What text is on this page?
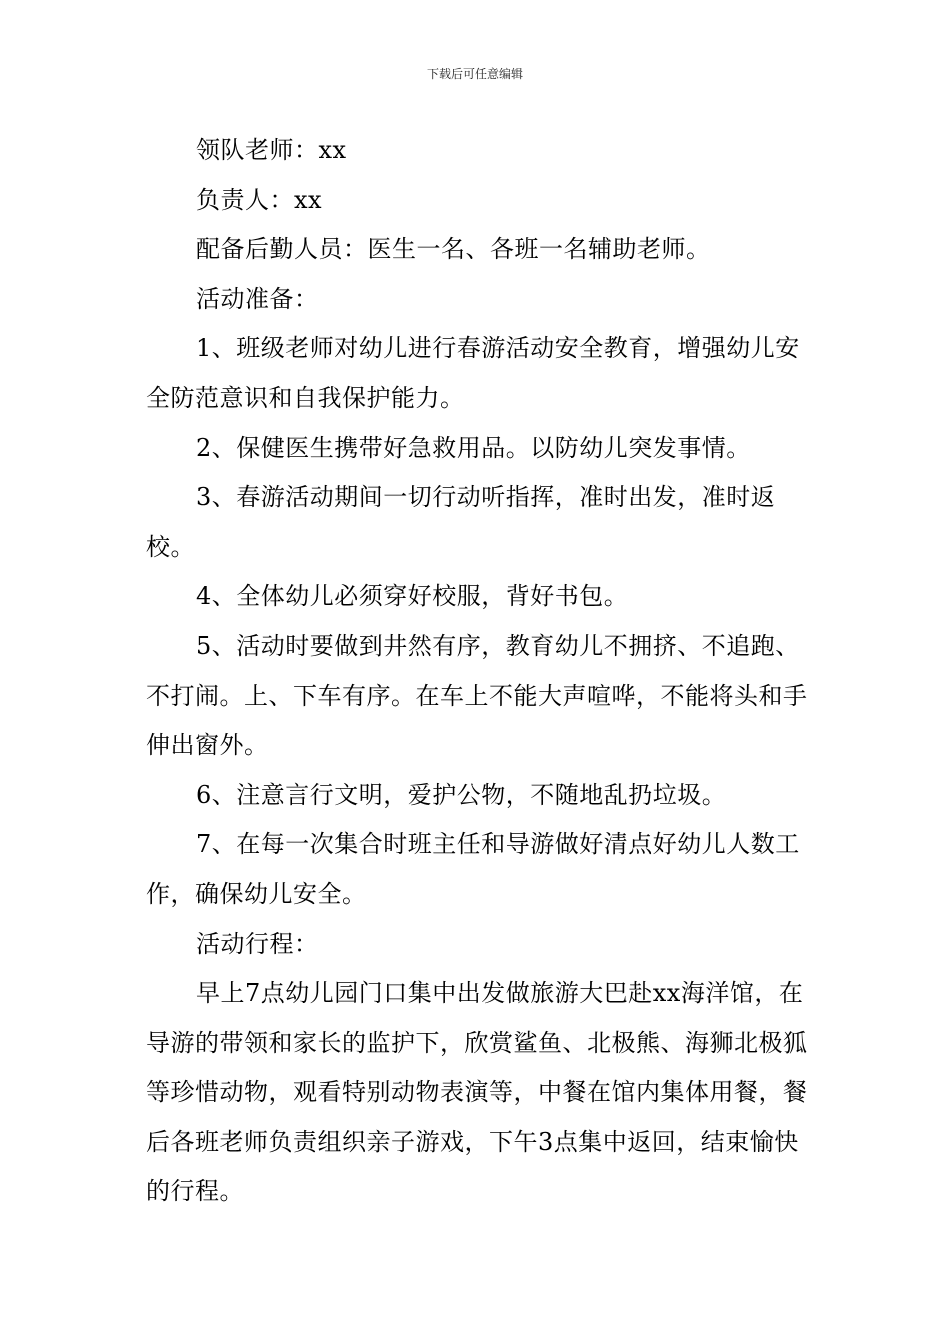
下载后可任意编辑

领队老师：xx

负责人：xx

配备后勤人员：医生一名、各班一名辅助老师。

活动准备：

1、班级老师对幼儿进行春游活动安全教育，增强幼儿安全防范意识和自我保护能力。

2、保健医生携带好急救用品。以防幼儿突发事情。

3、春游活动期间一切行动听指挥，准时出发，准时返校。

4、全体幼儿必须穿好校服，背好书包。

5、活动时要做到井然有序，教育幼儿不拥挤、不追跑、不打闹。上、下车有序。在车上不能大声喧哗，不能将头和手伸出窗外。

6、注意言行文明，爱护公物，不随地乱扔垃圾。

7、在每一次集合时班主任和导游做好清点好幼儿人数工作，确保幼儿安全。

活动行程：

早上7点幼儿园门口集中出发做旅游大巴赴xx海洋馆，在导游的带领和家长的监护下，欣赏鲨鱼、北极熊、海狮北极狐等珍惜动物，观看特别动物表演等，中餐在馆内集体用餐，餐后各班老师负责组织亲子游戏，下午3点集中返回，结束愉快的行程。
